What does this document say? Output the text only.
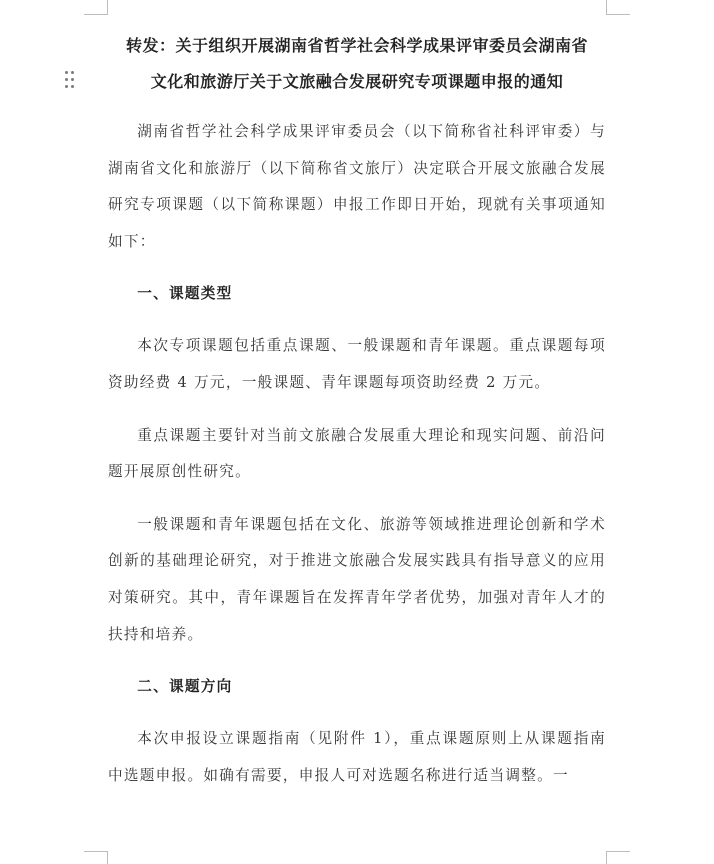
转发：关于组织开展湖南省哲学社会科学成果评审委员会湖南省

文化和旅游厅关于文旅融合发展研究专项课题申报的通知

湖南省哲学社会科学成果评审委员会（以下简称省社科评审委）与湖南省文化和旅游厅（以下简称省文旅厅）决定联合开展文旅融合发展研究专项课题（以下简称课题）申报工作即日开始，现就有关事项通知如下：

一、课题类型

本次专项课题包括重点课题、一般课题和青年课题。重点课题每项资助经费 4 万元，一般课题、青年课题每项资助经费 2 万元。

重点课题主要针对当前文旅融合发展重大理论和现实问题、前沿问题开展原创性研究。

一般课题和青年课题包括在文化、旅游等领域推进理论创新和学术创新的基础理论研究，对于推进文旅融合发展实践具有指导意义的应用对策研究。其中，青年课题旨在发挥青年学者优势，加强对青年人才的扶持和培养。

二、课题方向

本次申报设立课题指南（见附件 1），重点课题原则上从课题指南中选题申报。如确有需要，申报人可对选题名称进行适当调整。一
